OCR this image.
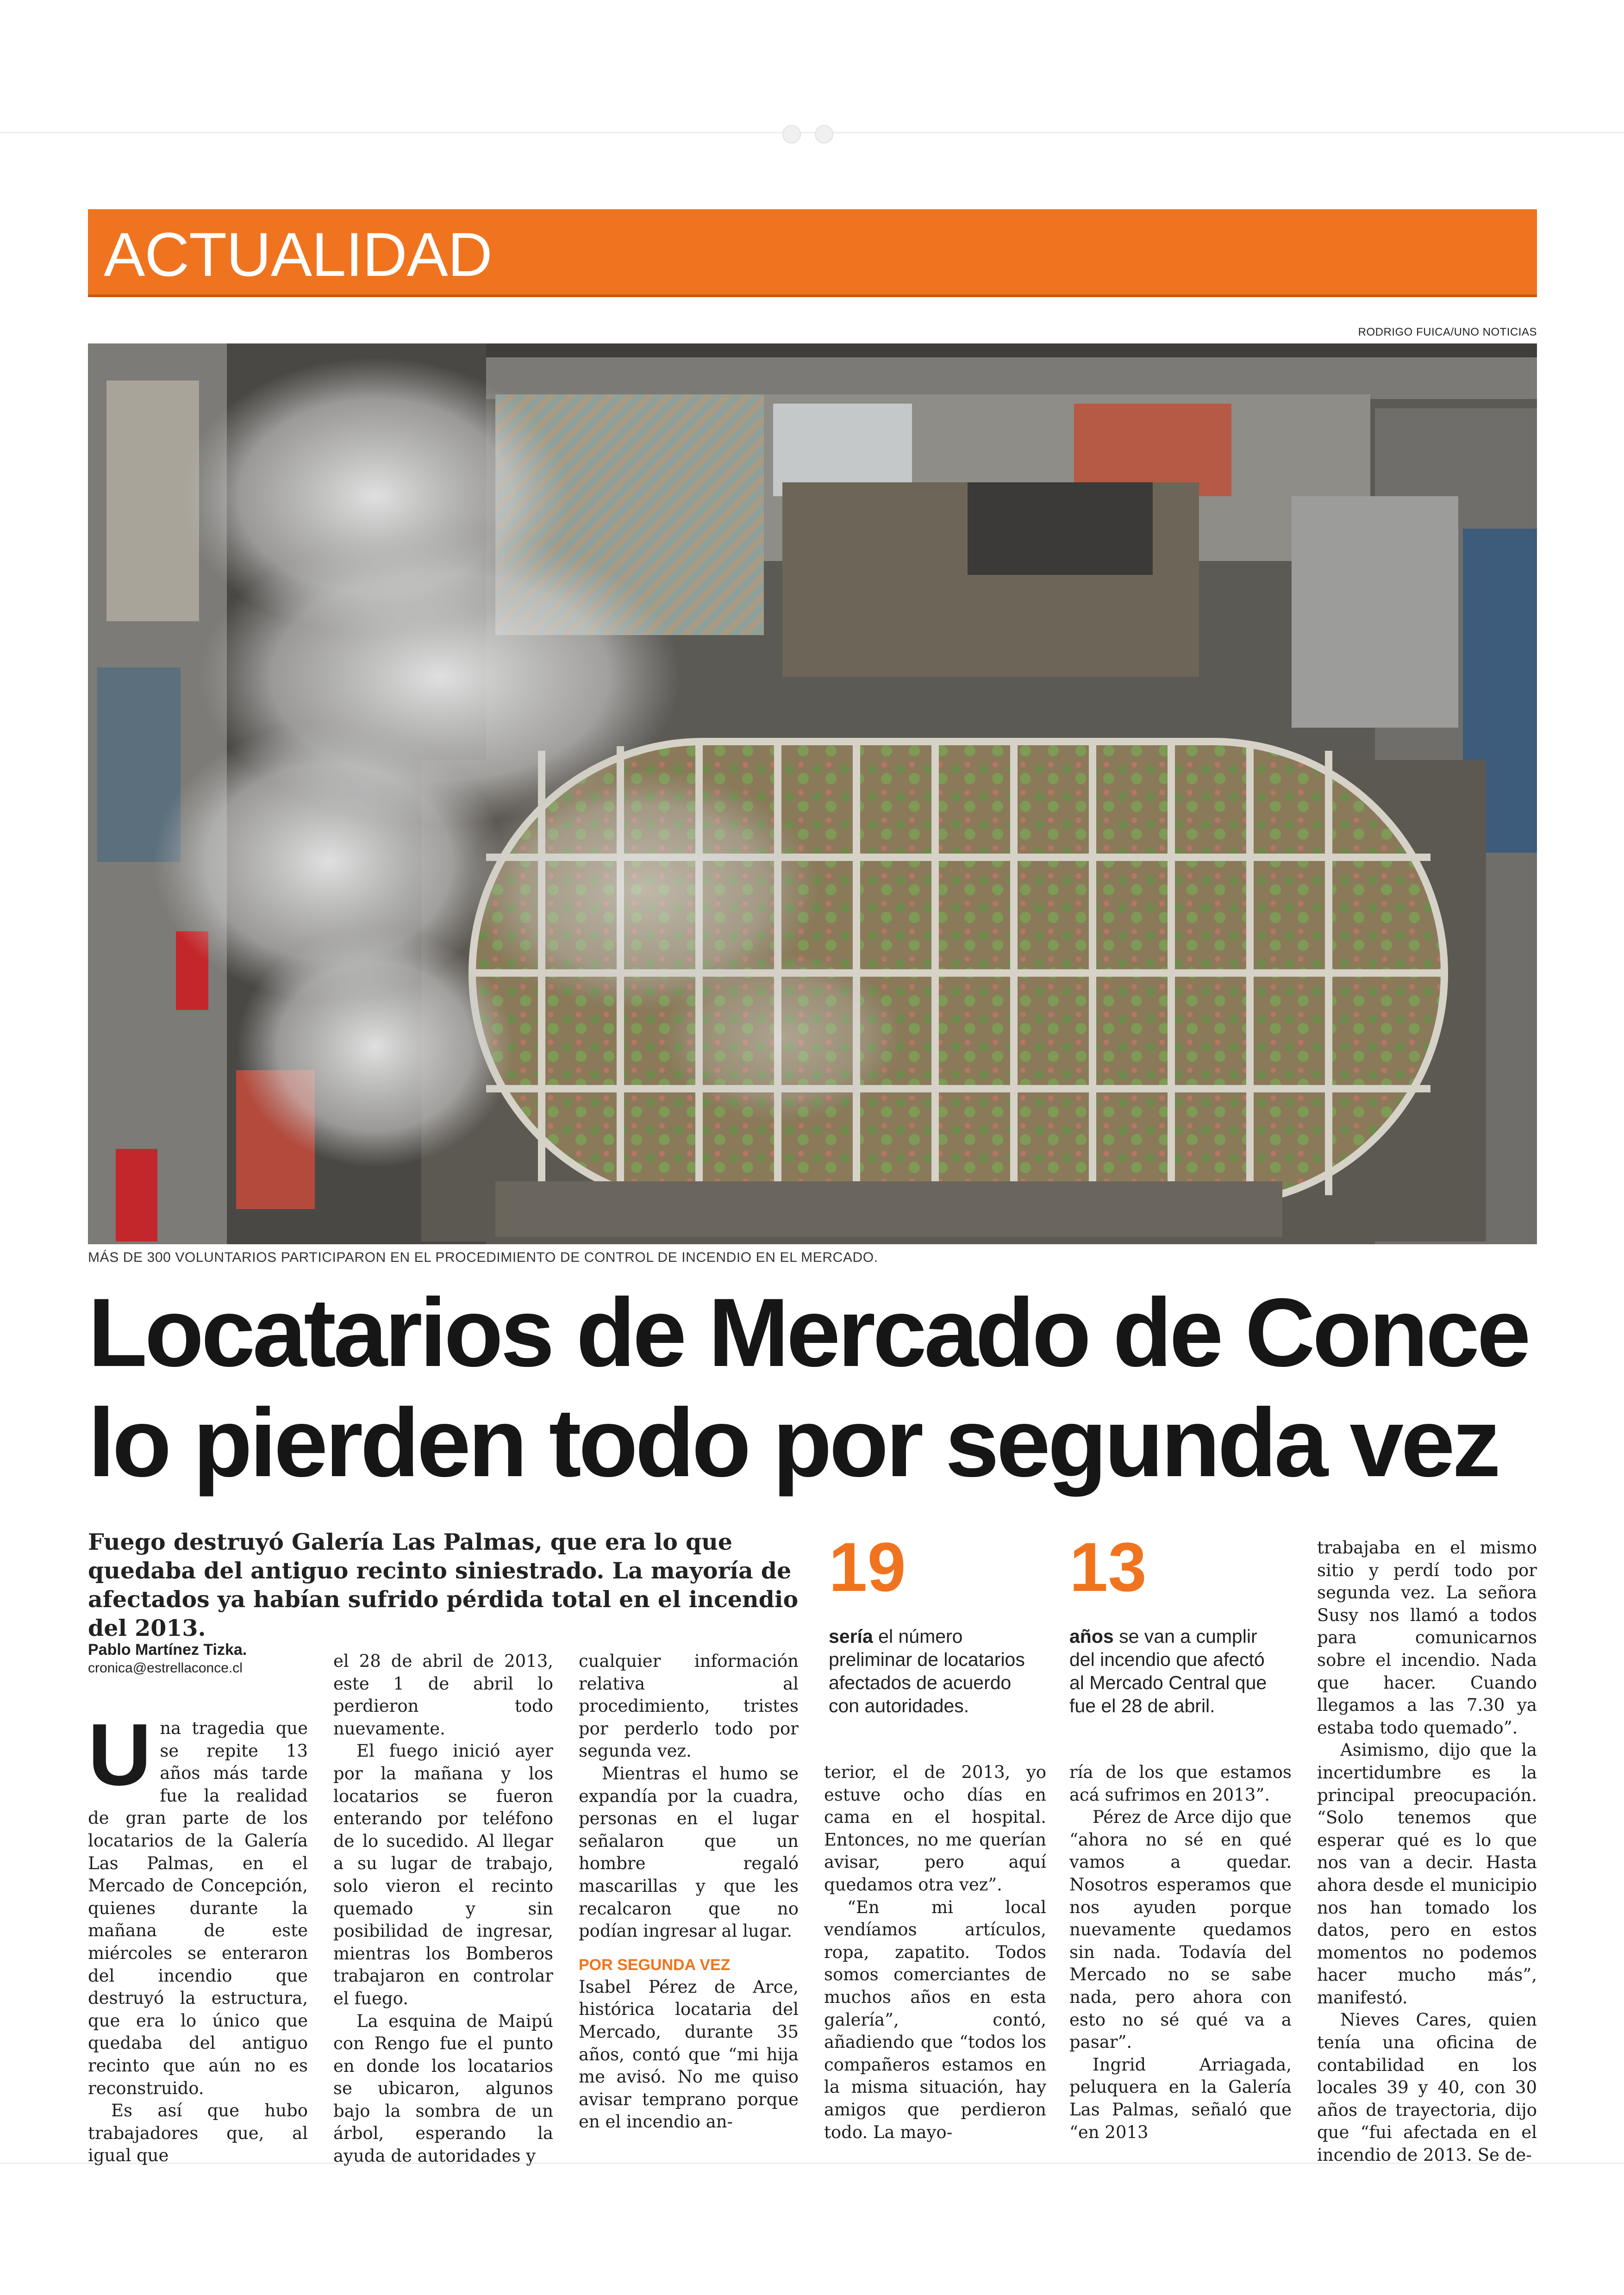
ACTUALIDAD
RODRIGO FUICA/UNO NOTICIAS
MÁS DE 300 VOLUNTARIOS PARTICIPARON EN EL PROCEDIMIENTO DE CONTROL DE INCENDIO EN EL MERCADO.
Locatarios de Mercado de Conce
lo pierden todo por segunda vez
Fuego destruyó Galería Las Palmas, que era lo que quedaba del antiguo recinto siniestrado. La mayoría de afectados ya habían sufrido pérdida total en el incendio del 2013.
Pablo Martínez Tizka.
cronica@estrellaconce.cl
19
sería el número preliminar de locatarios afectados de acuerdo con autoridades.
13
años se van a cumplir del incendio que afectó al Mercado Central que fue el 28 de abril.
U na tragedia que se repite 13 años más tarde fue la realidad de gran parte de los locatarios de la Galería Las Palmas, en el Mercado de Concepción, quienes durante la mañana de este miércoles se enteraron del incendio que destruyó la estructura, que era lo único que quedaba del antiguo recinto que aún no es reconstruido.

Es así que hubo trabajadores que, al igual que

el 28 de abril de 2013, este 1 de abril lo perdieron todo nuevamente.

El fuego inició ayer por la mañana y los locatarios se fueron enterando por teléfono de lo sucedido. Al llegar a su lugar de trabajo, solo vieron el recinto quemado y sin posibilidad de ingresar, mientras los Bomberos trabajaron en controlar el fuego.

La esquina de Maipú con Rengo fue el punto en donde los locatarios se ubicaron, algunos bajo la sombra de un árbol, esperando la ayuda de autoridades y

cualquier información relativa al procedimiento, tristes por perderlo todo por segunda vez.

Mientras el humo se expandía por la cuadra, personas en el lugar señalaron que un hombre regaló mascarillas y que les recalcaron que no podían ingresar al lugar.

POR SEGUNDA VEZ

Isabel Pérez de Arce, histórica locataria del Mercado, durante 35 años, contó que “mi hija me avisó. No me quiso avisar temprano porque en el incendio an-

terior, el de 2013, yo estuve ocho días en cama en el hospital. Entonces, no me querían avisar, pero aquí quedamos otra vez”.

“En mi local vendíamos artículos, ropa, zapatito. Todos somos comerciantes de muchos años en esta galería”, contó, añadiendo que “todos los compañeros estamos en la misma situación, hay amigos que perdieron todo. La mayo-

ría de los que estamos acá sufrimos en 2013”.

Pérez de Arce dijo que “ahora no sé en qué vamos a quedar. Nosotros esperamos que nos ayuden porque nuevamente quedamos sin nada. Todavía del Mercado no se sabe nada, pero ahora con esto no sé qué va a pasar”.

Ingrid Arriagada, peluquera en la Galería Las Palmas, señaló que “en 2013

trabajaba en el mismo sitio y perdí todo por segunda vez. La señora Susy nos llamó a todos para comunicarnos sobre el incendio. Nada que hacer. Cuando llegamos a las 7.30 ya estaba todo quemado”.

Asimismo, dijo que la incertidumbre es la principal preocupación. “Solo tenemos que esperar qué es lo que nos van a decir. Hasta ahora desde el municipio nos han tomado los datos, pero en estos momentos no podemos hacer mucho más”, manifestó.

Nieves Cares, quien tenía una oficina de contabilidad en los locales 39 y 40, con 30 años de trayectoria, dijo que “fui afectada en el incendio de 2013. Se de-
